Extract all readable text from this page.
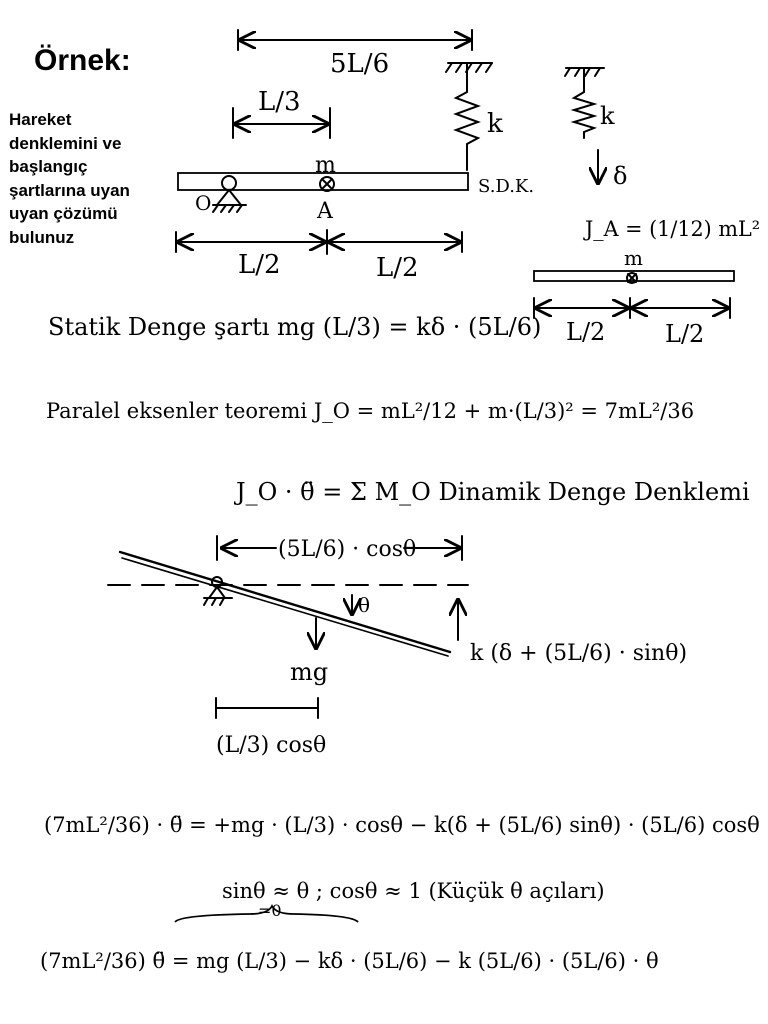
Örnek:
Hareket
denklemini ve
başlangıç
şartlarına uyan
uyan çözümü
bulunuz
5L/6
L/3
k
m
A
O
S.D.K.
L/2	L/2
k
δ
J_A = (1/12) mL²
m
L/2 L/2
Statik Denge şartı mg (L/3) = kδ · (5L/6)
Paralel eksenler teoremi J_O = mL²/12 + m·(L/3)² = 7mL²/36
J_O · θ̈ = Σ M_O Dinamik Denge Denklemi
(5L/6) · cosθ
θ
mg
k (δ + (5L/6) · sinθ)
(L/3) cosθ
(7mL²/36) · θ̈ = +mg · (L/3) · cosθ − k(δ + (5L/6) sinθ) · (5L/6) cosθ
sinθ ≈ θ ; cosθ ≈ 1 (Küçük θ açıları)
=0
(7mL²/36) θ̈ = mg (L/3) − kδ · (5L/6) − k (5L/6) · (5L/6) · θ
